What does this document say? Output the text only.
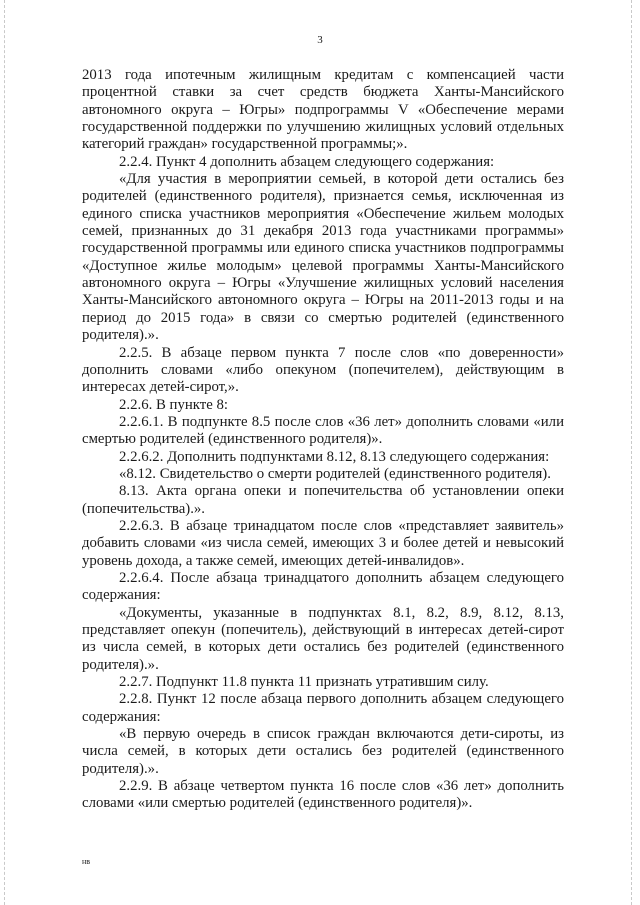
3

2013 года ипотечным жилищным кредитам с компенсацией части процентной ставки за счет средств бюджета Ханты-Мансийского автономного округа – Югры» подпрограммы V «Обеспечение мерами государственной поддержки по улучшению жилищных условий отдельных категорий граждан» государственной программы;».

2.2.4. Пункт 4 дополнить абзацем следующего содержания:

«Для участия в мероприятии семьей, в которой дети остались без родителей (единственного родителя), признается семья, исключенная из единого списка участников мероприятия «Обеспечение жильем молодых семей, признанных до 31 декабря 2013 года участниками программы» государственной программы или единого списка участников подпрограммы «Доступное жилье молодым» целевой программы Ханты-Мансийского автономного округа – Югры «Улучшение жилищных условий населения Ханты-Мансийского автономного округа – Югры на 2011-2013 годы и на период до 2015 года» в связи со смертью родителей (единственного родителя).».

2.2.5. В абзаце первом пункта 7 после слов «по доверенности» дополнить словами «либо опекуном (попечителем), действующим в интересах детей-сирот,».

2.2.6. В пункте 8:

2.2.6.1. В подпункте 8.5 после слов «36 лет» дополнить словами «или смертью родителей (единственного родителя)».

2.2.6.2. Дополнить подпунктами 8.12, 8.13 следующего содержания:

«8.12. Свидетельство о смерти родителей (единственного родителя).

8.13. Акта органа опеки и попечительства об установлении опеки (попечительства).».

2.2.6.3. В абзаце тринадцатом после слов «представляет заявитель» добавить словами «из числа семей, имеющих 3 и более детей и невысокий уровень дохода, а также семей, имеющих детей-инвалидов».

2.2.6.4. После абзаца тринадцатого дополнить абзацем следующего содержания:

«Документы, указанные в подпунктах 8.1, 8.2, 8.9, 8.12, 8.13, представляет опекун (попечитель), действующий в интересах детей-сирот из числа семей, в которых дети остались без родителей (единственного родителя).».

2.2.7. Подпункт 11.8 пункта 11 признать утратившим силу.

2.2.8. Пункт 12 после абзаца первого дополнить абзацем следующего содержания:

«В первую очередь в список граждан включаются дети-сироты, из числа семей, в которых дети остались без родителей (единственного родителя).».

2.2.9. В абзаце четвертом пункта 16 после слов «36 лет» дополнить словами «или смертью родителей (единственного родителя)».

нв
